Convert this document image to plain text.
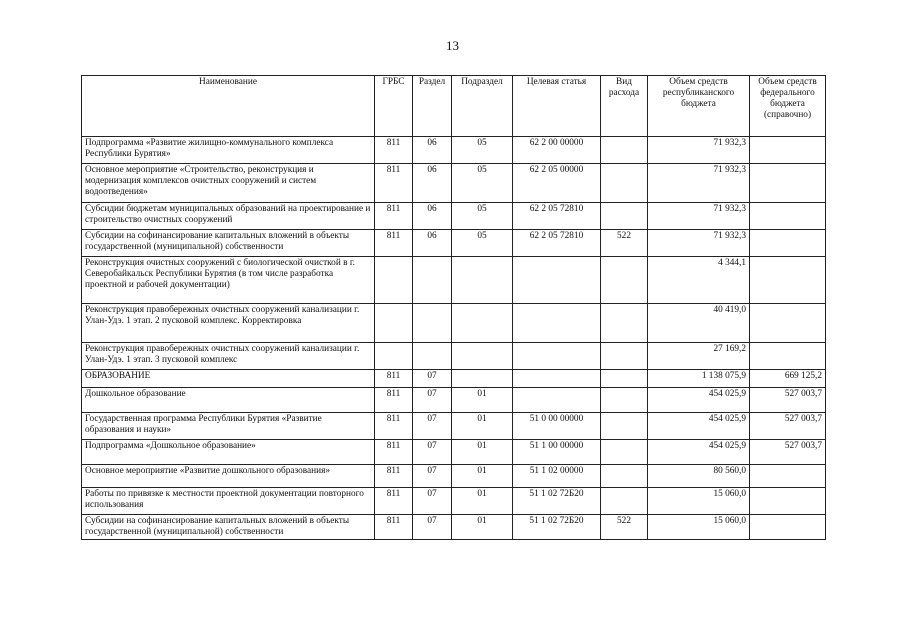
13
Наименование	ГРБС	Раздел	Подраздел	Целевая статья	Вид расхода	Объем средств республиканского бюджета	Объем средств федерального бюджета (справочно)
Подпрограмма «Развитие жилищно-коммунального комплекса Республики Бурятия»	811	06	05	62 2 00 00000		71 932,3	
Основное мероприятие «Строительство, реконструкция и модернизация комплексов очистных сооружений и систем водоотведения»	811	06	05	62 2 05 00000		71 932,3	
Субсидии бюджетам муниципальных образований на проектирование и строительство очистных сооружений	811	06	05	62 2 05 72810		71 932,3	
Субсидии на софинансирование капитальных вложений в объекты государственной (муниципальной) собственности	811	06	05	62 2 05 72810	522	71 932,3	
Реконструкция очистных сооружений с биологической очисткой в г. Северобайкальск Республики Бурятия (в том числе разработка проектной и рабочей документации)						4 344,1	
Реконструкция правобережных очистных сооружений канализации г. Улан-Удэ. 1 этап. 2 пусковой комплекс. Корректировка						40 419,0	
Реконструкция правобережных очистных сооружений канализации г. Улан-Удэ. 1 этап. 3 пусковой комплекс						27 169,2	
ОБРАЗОВАНИЕ	811	07				1 138 075,9	669 125,2
Дошкольное образование	811	07	01			454 025,9	527 003,7
Государственная программа Республики Бурятия «Развитие образования и науки»	811	07	01	51 0 00 00000		454 025,9	527 003,7
Подпрограмма «Дошкольное образование»	811	07	01	51 1 00 00000		454 025,9	527 003,7
Основное мероприятие «Развитие дошкольного образования»	811	07	01	51 1 02 00000		80 560,0	
Работы по привязке к местности проектной документации повторного использования	811	07	01	51 1 02 72Б20		15 060,0	
Субсидии на софинансирование капитальных вложений в объекты государственной (муниципальной) собственности	811	07	01	51 1 02 72Б20	522	15 060,0	
